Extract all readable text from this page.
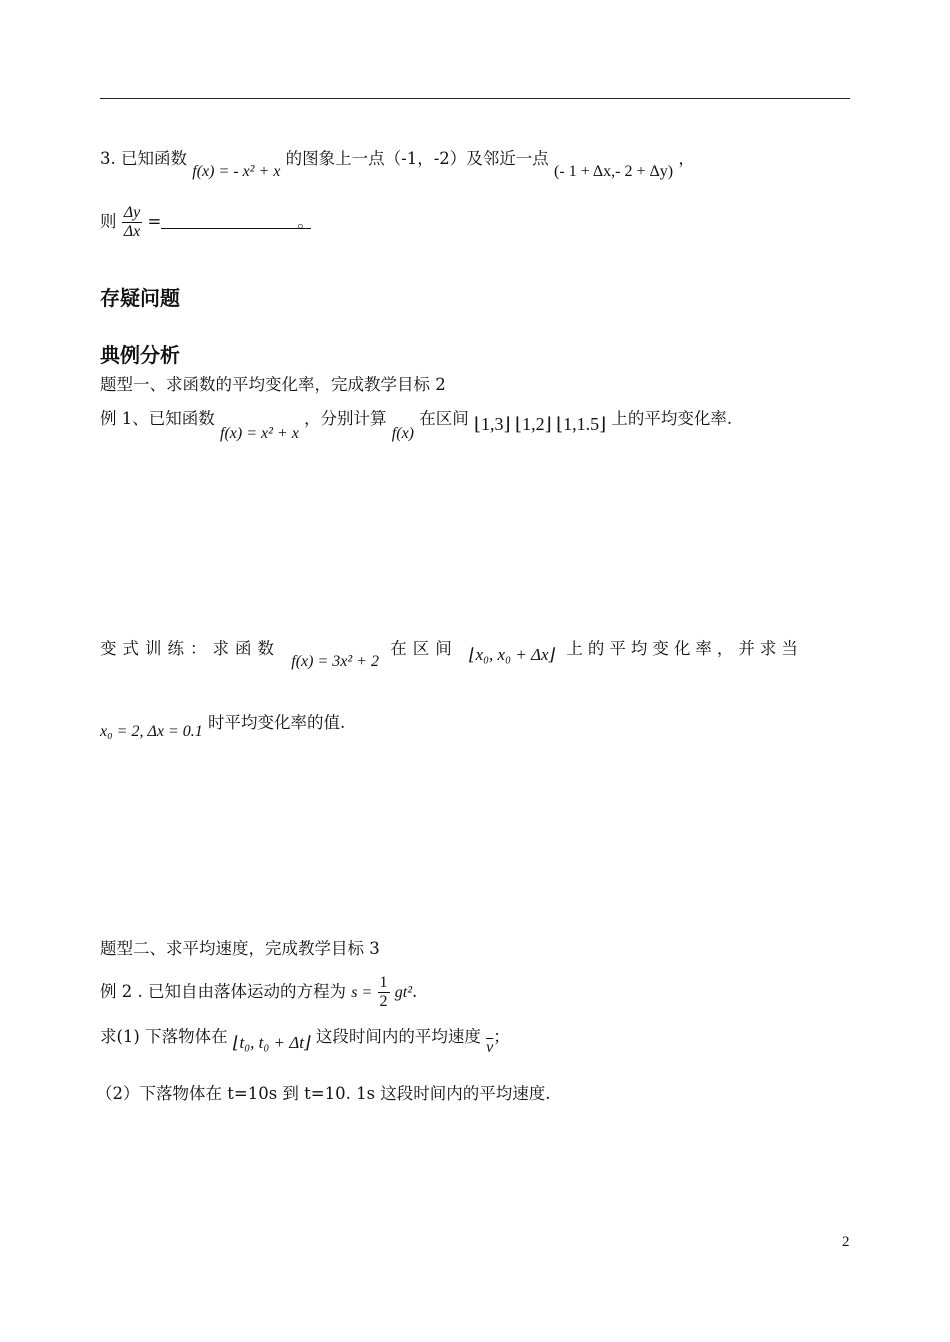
3. 已知函数 f(x) = - x² + x 的图象上一点（-1，-2）及邻近一点 (- 1 + Δx,- 2 + Δy) ，
则 $\frac{\Delta y}{\Delta x}$ =	。
存疑问题
典例分析
题型一、求函数的平均变化率，完成教学目标 2
例 1、已知函数 f(x) = x² + x ，分别计算 f(x) 在区间 ⌊1,3⌋ ⌊1,2⌋ ⌊1,1.5⌋ 上的平均变化率.
变式训练：求函数 f(x) = 3x² + 2 在区间 ⌊x₀, x₀ + Δx⌋ 上的平均变化率，并求当
x₀ = 2, Δx = 0.1 时平均变化率的值.
题型二、求平均速度，完成教学目标 3
例 2 . 已知自由落体运动的方程为 $s = \frac{1}{2} gt^2$.
求(1) 下落物体在 ⌊t₀, t₀ + Δt⌋ 这段时间内的平均速度 $\overline{v}$；
（2）下落物体在 t=10s 到 t=10. 1s 这段时间内的平均速度.
2
